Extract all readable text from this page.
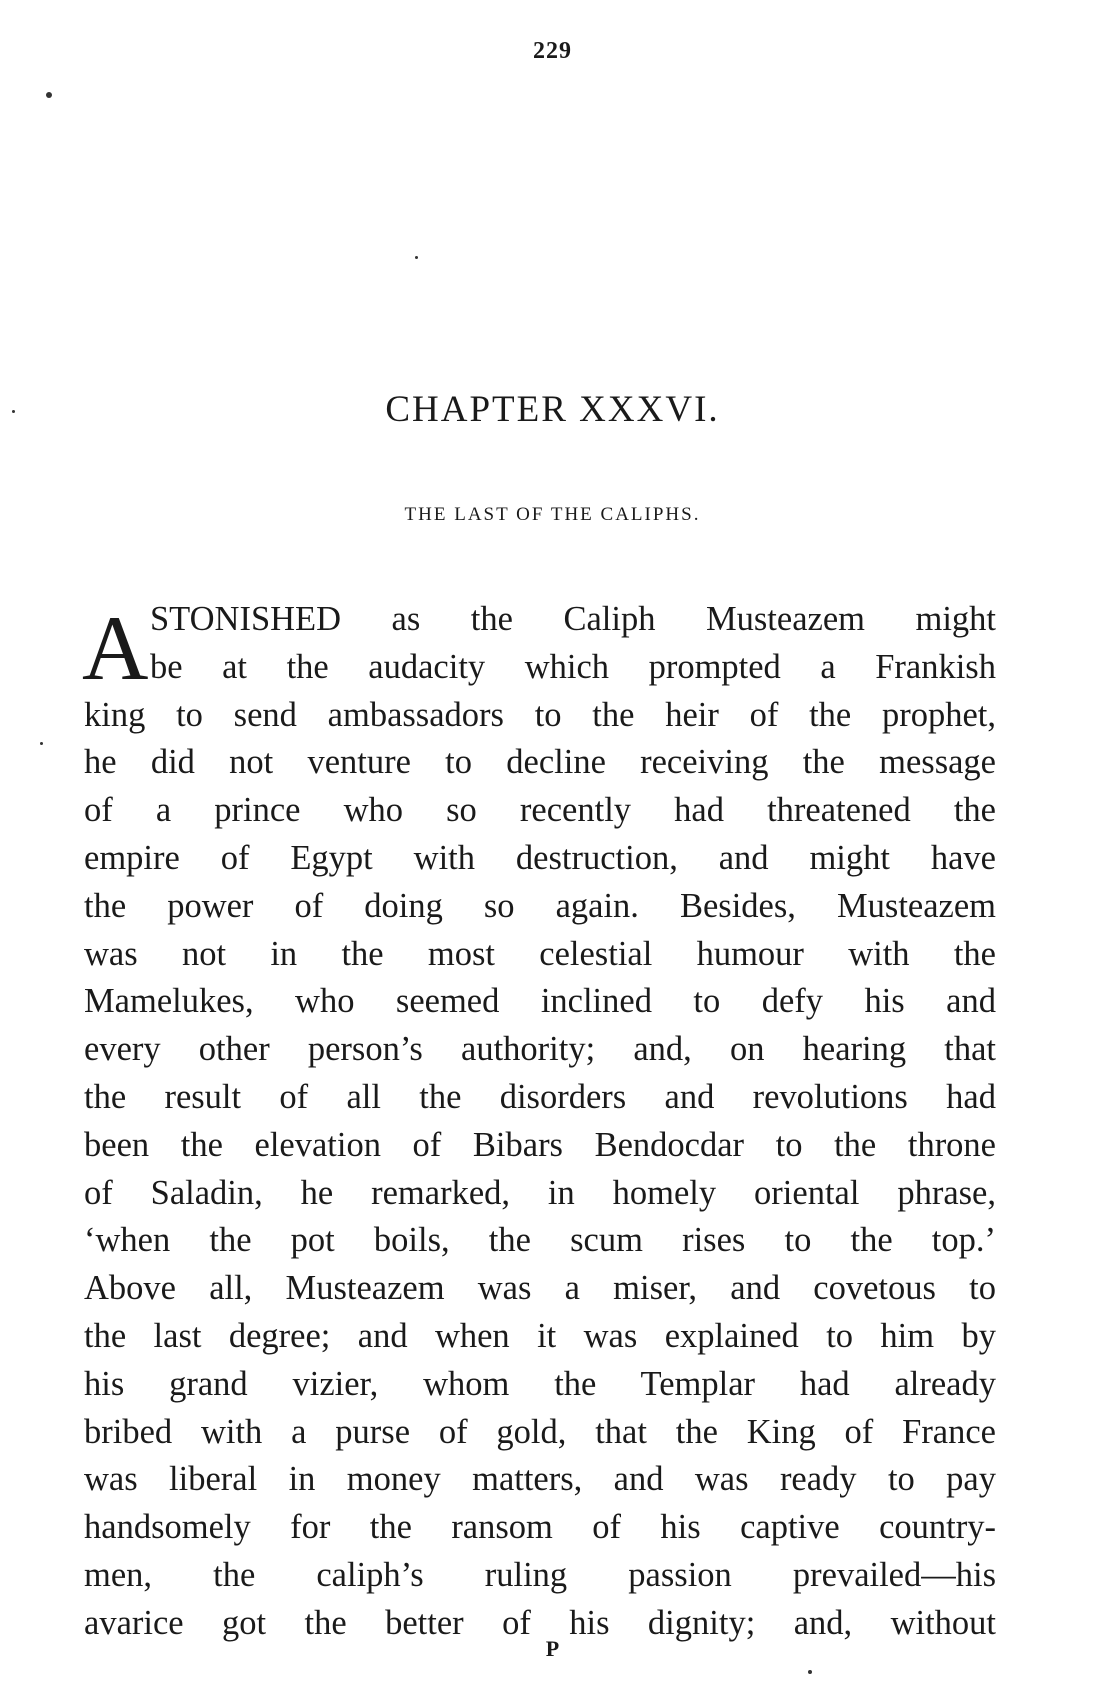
229
CHAPTER XXXVI.
THE LAST OF THE CALIPHS.
A STONISHED as the Caliph Musteazem might
be at the audacity which prompted a Frankish
king to send ambassadors to the heir of the prophet,
he did not venture to decline receiving the message
of a prince who so recently had threatened the
empire of Egypt with destruction, and might have
the power of doing so again. Besides, Musteazem
was not in the most celestial humour with the
Mamelukes, who seemed inclined to defy his and
every other person’s authority; and, on hearing that
the result of all the disorders and revolutions had
been the elevation of Bibars Bendocdar to the throne
of Saladin, he remarked, in homely oriental phrase,
‘when the pot boils, the scum rises to the top.’
Above all, Musteazem was a miser, and covetous to
the last degree; and when it was explained to him by
his grand vizier, whom the Templar had already
bribed with a purse of gold, that the King of France
was liberal in money matters, and was ready to pay
handsomely for the ransom of his captive country-
men, the caliph’s ruling passion prevailed—his
avarice got the better of his dignity; and, without
P
